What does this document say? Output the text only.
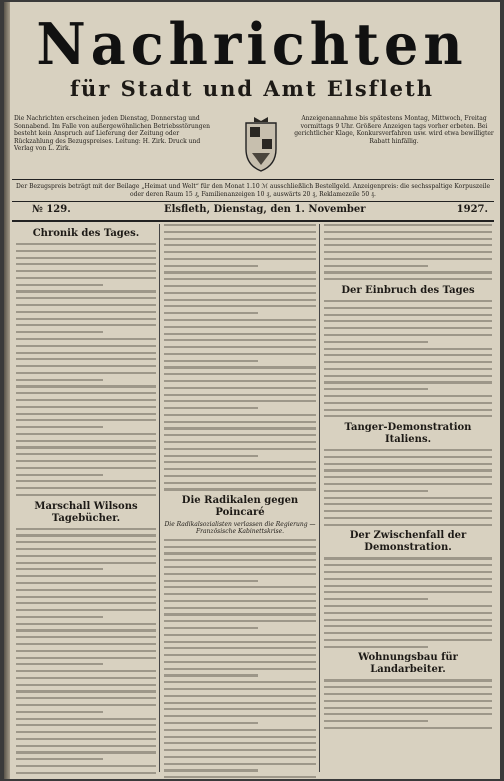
Nachrichten
für Stadt und Amt Elsfleth
Die Nachrichten erscheinen jeden Dienstag, Donnerstag und Sonnabend. Im Falle von außergewöhnlichen Betriebsstörungen besteht kein Anspruch auf Lieferung der Zeitung oder Rückzahlung des Bezugspreises. Leitung: H. Zirk. Druck und Verlag von L. Zirk.
Anzeigenannahme bis spätestens Montag, Mittwoch, Freitag vormittags 9 Uhr. Größere Anzeigen tags vorher erbeten. Bei gerichtlicher Klage, Konkursverfahren usw. wird etwa bewilligter Rabatt hinfällig.
Der Bezugspreis beträgt mit der Beilage „Heimat und Welt“ für den Monat 1.10 ℳ ausschließlich Bestellgeld. Anzeigenpreis: die sechsspaltige Korpuszeile oder deren Raum 15 ₰, Familienanzeigen 10 ₰, auswärts 20 ₰, Reklamezeile 50 ₰.
№ 129.	Elsfleth, Dienstag, den 1. November	1927.
Chronik des Tages.
Marschall Wilsons Tagebücher.
Die Radikalen gegen Poincaré
Die Radikalsozialisten verlassen die Regierung — Französische Kabinettskrise.
Der Einbruch des Tages
Tanger-Demonstration Italiens.
Der Zwischenfall der Demonstration.
Wohnungsbau für Landarbeiter.
